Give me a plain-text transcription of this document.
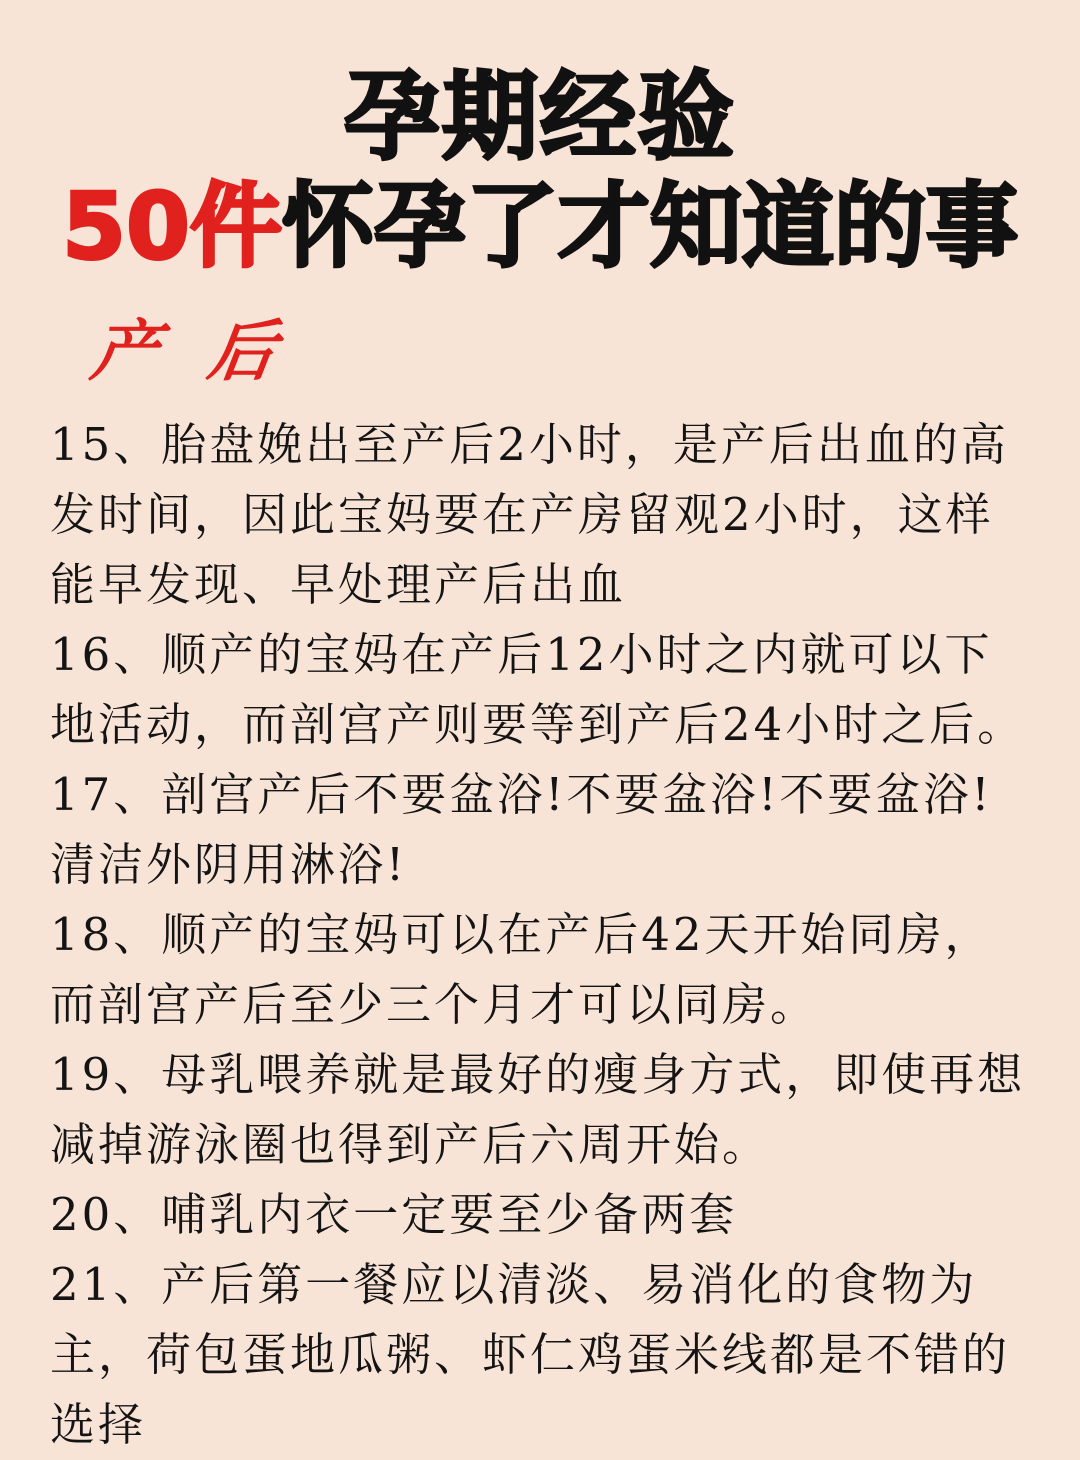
孕期经验
50件怀孕了才知道的事
产 后
15、胎盘娩出至产后2小时，是产后出血的高发时间，因此宝妈要在产房留观2小时，这样能早发现、早处理产后出血
16、顺产的宝妈在产后12小时之内就可以下地活动，而剖宫产则要等到产后24小时之后。
17、剖宫产后不要盆浴!不要盆浴!不要盆浴!清洁外阴用淋浴!
18、顺产的宝妈可以在产后42天开始同房，而剖宫产后至少三个月才可以同房。
19、母乳喂养就是最好的瘦身方式，即使再想减掉游泳圈也得到产后六周开始。
20、哺乳内衣一定要至少备两套
21、产后第一餐应以清淡、易消化的食物为主，荷包蛋地瓜粥、虾仁鸡蛋米线都是不错的选择
